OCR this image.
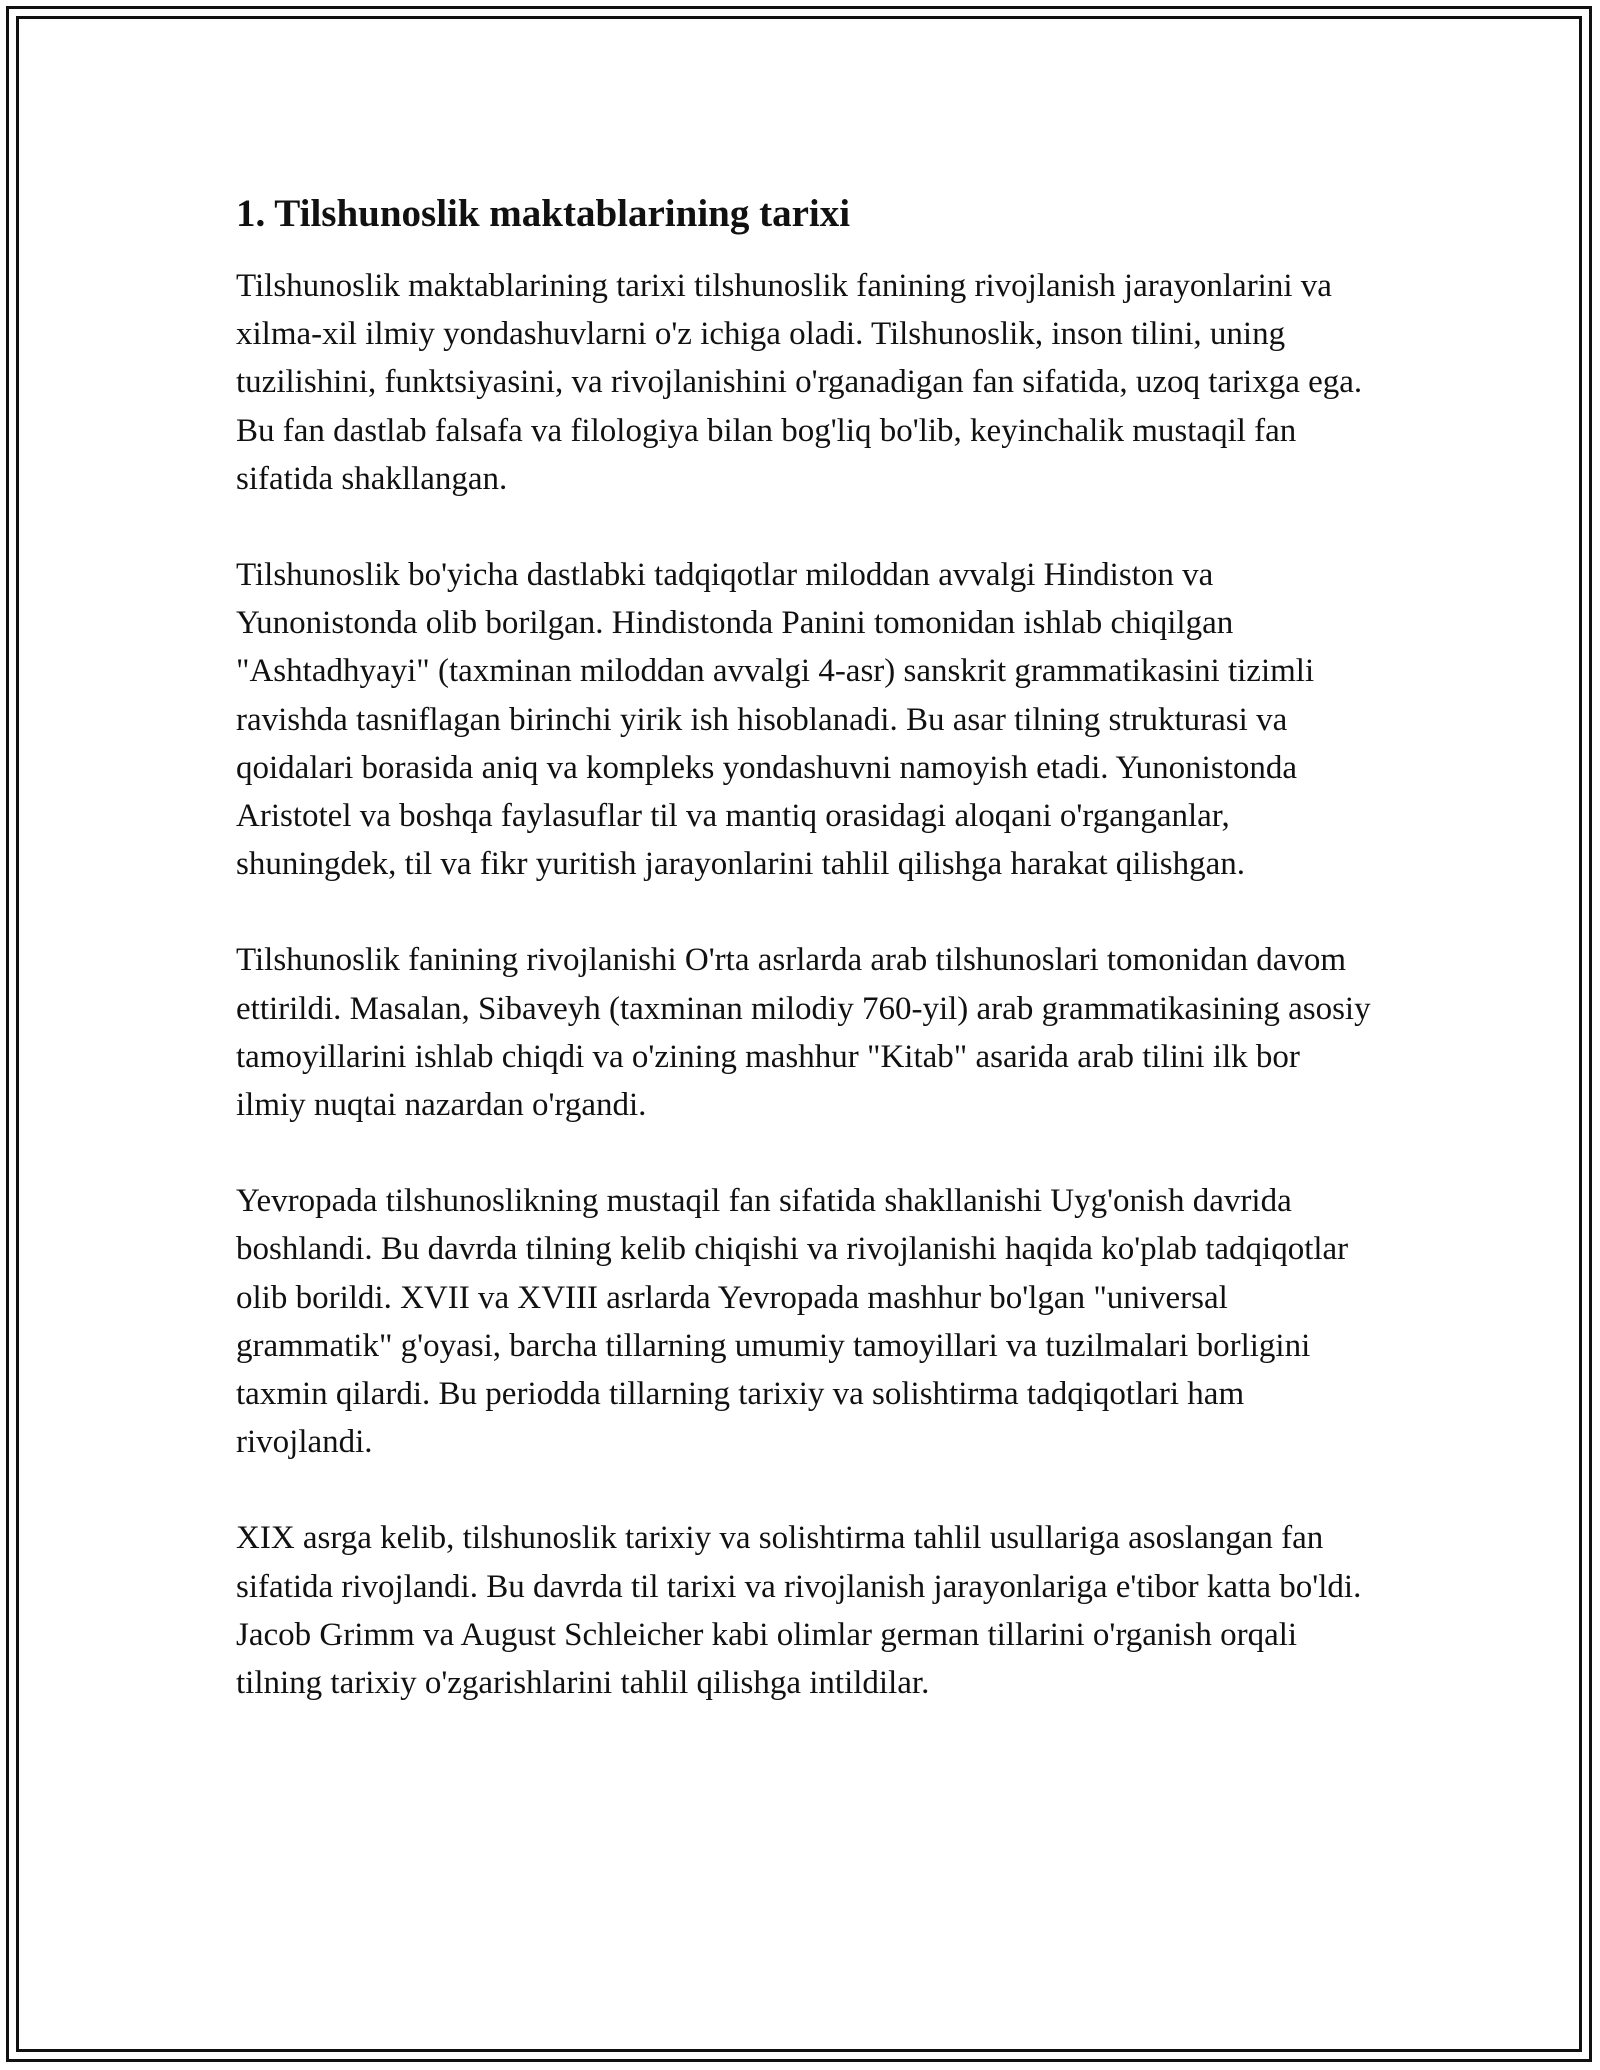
1. Tilshunoslik maktablarining tarixi

Tilshunoslik maktablarining tarixi tilshunoslik fanining rivojlanish jarayonlarini va xilma-xil ilmiy yondashuvlarni o'z ichiga oladi. Tilshunoslik, inson tilini, uning tuzilishini, funktsiyasini, va rivojlanishini o'rganadigan fan sifatida, uzoq tarixga ega. Bu fan dastlab falsafa va filologiya bilan bog'liq bo'lib, keyinchalik mustaqil fan sifatida shakllangan.

Tilshunoslik bo'yicha dastlabki tadqiqotlar miloddan avvalgi Hindiston va Yunonistonda olib borilgan. Hindistonda Panini tomonidan ishlab chiqilgan "Ashtadhyayi" (taxminan miloddan avvalgi 4-asr) sanskrit grammatikasini tizimli ravishda tasniflagan birinchi yirik ish hisoblanadi. Bu asar tilning strukturasi va qoidalari borasida aniq va kompleks yondashuvni namoyish etadi. Yunonistonda Aristotel va boshqa faylasuflar til va mantiq orasidagi aloqani o'rganganlar, shuningdek, til va fikr yuritish jarayonlarini tahlil qilishga harakat qilishgan.

Tilshunoslik fanining rivojlanishi O'rta asrlarda arab tilshunoslari tomonidan davom ettirildi. Masalan, Sibaveyh (taxminan milodiy 760-yil) arab grammatikasining asosiy tamoyillarini ishlab chiqdi va o'zining mashhur "Kitab" asarida arab tilini ilk bor ilmiy nuqtai nazardan o'rgandi.

Yevropada tilshunoslikning mustaqil fan sifatida shakllanishi Uyg'onish davrida boshlandi. Bu davrda tilning kelib chiqishi va rivojlanishi haqida ko'plab tadqiqotlar olib borildi. XVII va XVIII asrlarda Yevropada mashhur bo'lgan "universal grammatik" g'oyasi, barcha tillarning umumiy tamoyillari va tuzilmalari borligini taxmin qilardi. Bu periodda tillarning tarixiy va solishtirma tadqiqotlari ham rivojlandi.

XIX asrga kelib, tilshunoslik tarixiy va solishtirma tahlil usullariga asoslangan fan sifatida rivojlandi. Bu davrda til tarixi va rivojlanish jarayonlariga e'tibor katta bo'ldi. Jacob Grimm va August Schleicher kabi olimlar german tillarini o'rganish orqali tilning tarixiy o'zgarishlarini tahlil qilishga intildilar.
